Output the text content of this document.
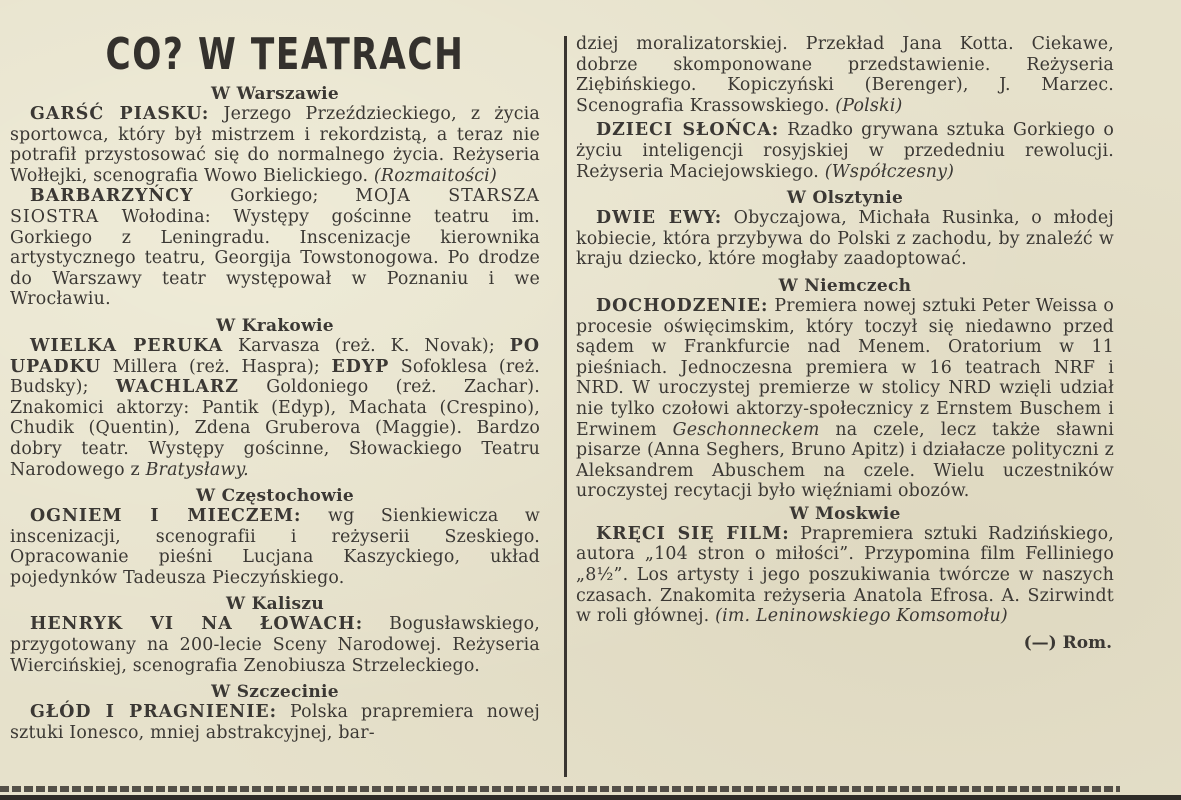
CO? W TEATRACH
W Warszawie

GARŚĆ PIASKU: Jerzego Przeździeckiego, z życia sportowca, który był mistrzem i rekordzistą, a teraz nie potrafił przystosować się do normalnego życia. Reżyseria Wołłejki, scenografia Wowo Bielickiego. (Rozmaitości)

BARBARZYŃCY Gorkiego; MOJA STARSZA SIOSTRA Wołodina: Występy gościnne teatru im. Gorkiego z Leningradu. Inscenizacje kierownika artystycznego teatru, Georgija Towstonogowa. Po drodze do Warszawy teatr występował w Poznaniu i we Wrocławiu.

W Krakowie

WIELKA PERUKA Karvasza (reż. K. Novak); PO UPADKU Millera (reż. Haspra); EDYP Sofoklesa (reż. Budsky); WACHLARZ Goldoniego (reż. Zachar). Znakomici aktorzy: Pantik (Edyp), Machata (Crespino), Chudik (Quentin), Zdena Gruberova (Maggie). Bardzo dobry teatr. Występy gościnne, Słowackiego Teatru Narodowego z Bratysławy.

W Częstochowie

OGNIEM I MIECZEM: wg Sienkiewicza w inscenizacji, scenografii i reżyserii Szeskiego. Opracowanie pieśni Lucjana Kaszyckiego, układ pojedynków Tadeusza Pieczyńskiego.

W Kaliszu

HENRYK VI NA ŁOWACH: Bogusławskiego, przygotowany na 200-lecie Sceny Narodowej. Reżyseria Wiercińskiej, scenografia Zenobiusza Strzeleckiego.

W Szczecinie

GŁÓD I PRAGNIENIE: Polska prapremiera nowej sztuki Ionesco, mniej abstrakcyjnej, bar-

dziej moralizatorskiej. Przekład Jana Kotta. Ciekawe, dobrze skomponowane przedstawienie. Reżyseria Ziębińskiego. Kopiczyński (Berenger), J. Marzec. Scenografia Krassowskiego. (Polski)

DZIECI SŁOŃCA: Rzadko grywana sztuka Gorkiego o życiu inteligencji rosyjskiej w przededniu rewolucji. Reżyseria Maciejowskiego. (Współczesny)

W Olsztynie

DWIE EWY: Obyczajowa, Michała Rusinka, o młodej kobiecie, która przybywa do Polski z zachodu, by znaleźć w kraju dziecko, które mogłaby zaadoptować.

W Niemczech

DOCHODZENIE: Premiera nowej sztuki Peter Weissa o procesie oświęcimskim, który toczył się niedawno przed sądem w Frankfurcie nad Menem. Oratorium w 11 pieśniach. Jednoczesna premiera w 16 teatrach NRF i NRD. W uroczystej premierze w stolicy NRD wzięli udział nie tylko czołowi aktorzy-społecznicy z Ernstem Buschem i Erwinem Geschonneckem na czele, lecz także sławni pisarze (Anna Seghers, Bruno Apitz) i działacze polityczni z Aleksandrem Abuschem na czele. Wielu uczestników uroczystej recytacji było więźniami obozów.

W Moskwie

KRĘCI SIĘ FILM: Prapremiera sztuki Radzińskiego, autora „104 stron o miłości”. Przypomina film Felliniego „8½”. Los artysty i jego poszukiwania twórcze w naszych czasach. Znakomita reżyseria Anatola Efrosa. A. Szirwindt w roli głównej. (im. Leninowskiego Komsomołu)

(—) Rom.
